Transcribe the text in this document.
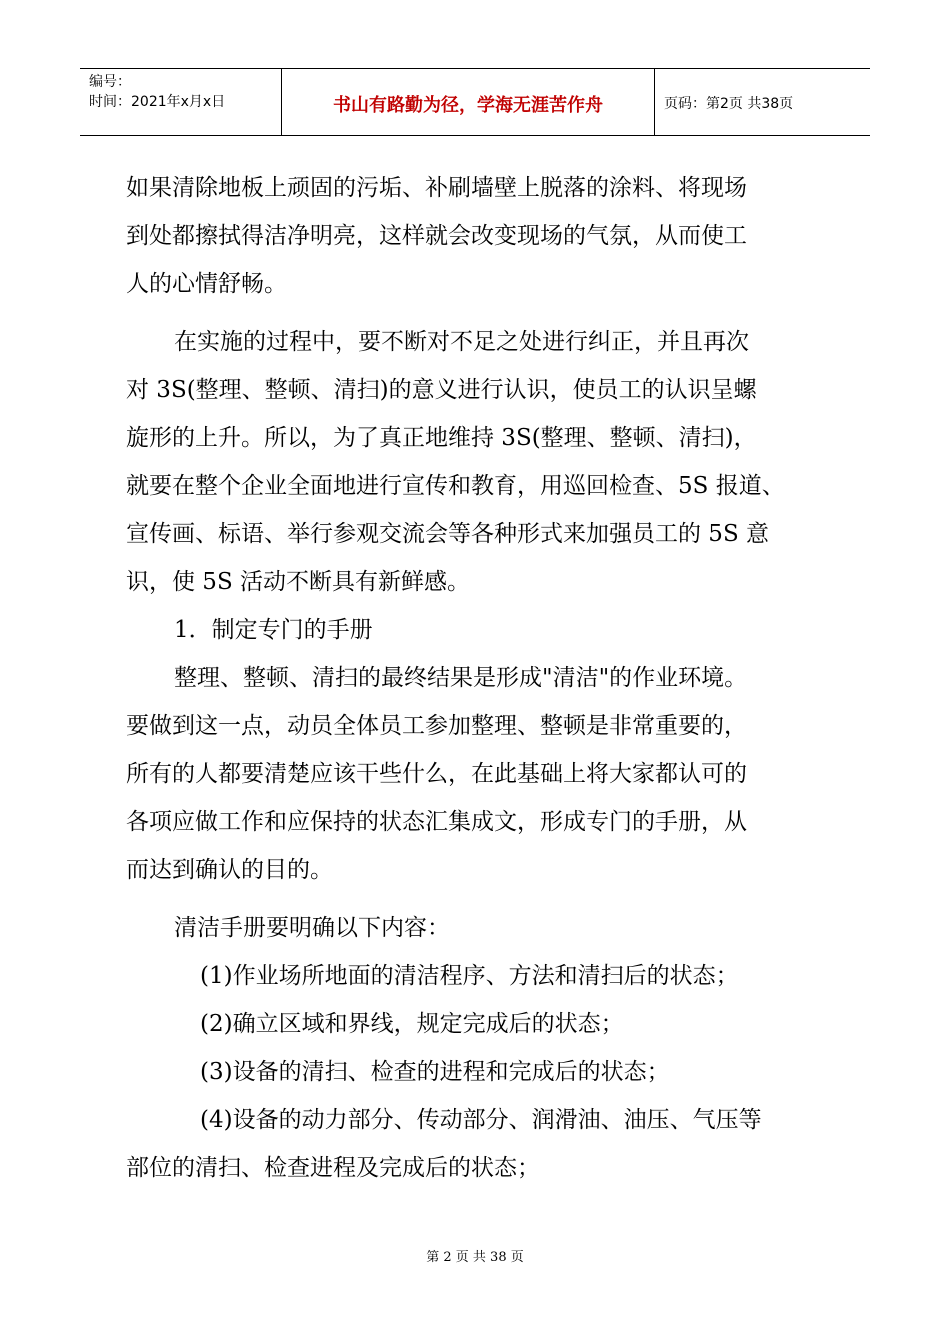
编号：
时间：2021年x月x日	书山有路勤为径，学海无涯苦作舟	页码：第2页 共38页
如果清除地板上顽固的污垢、补刷墙壁上脱落的涂料、将现场
到处都擦拭得洁净明亮，这样就会改变现场的气氛，从而使工
人的心情舒畅。
在实施的过程中，要不断对不足之处进行纠正，并且再次
对 3S(整理、整顿、清扫)的意义进行认识，使员工的认识呈螺
旋形的上升。所以，为了真正地维持 3S(整理、整顿、清扫)，
就要在整个企业全面地进行宣传和教育，用巡回检查、5S 报道、
宣传画、标语、举行参观交流会等各种形式来加强员工的 5S 意
识，使 5S 活动不断具有新鲜感。
1．制定专门的手册
整理、整顿、清扫的最终结果是形成"清洁"的作业环境。
要做到这一点，动员全体员工参加整理、整顿是非常重要的，
所有的人都要清楚应该干些什么，在此基础上将大家都认可的
各项应做工作和应保持的状态汇集成文，形成专门的手册，从
而达到确认的目的。
清洁手册要明确以下内容：
(1)作业场所地面的清洁程序、方法和清扫后的状态；
(2)确立区域和界线，规定完成后的状态；
(3)设备的清扫、检查的进程和完成后的状态；
(4)设备的动力部分、传动部分、润滑油、油压、气压等
部位的清扫、检查进程及完成后的状态；
第 2 页 共 38 页
